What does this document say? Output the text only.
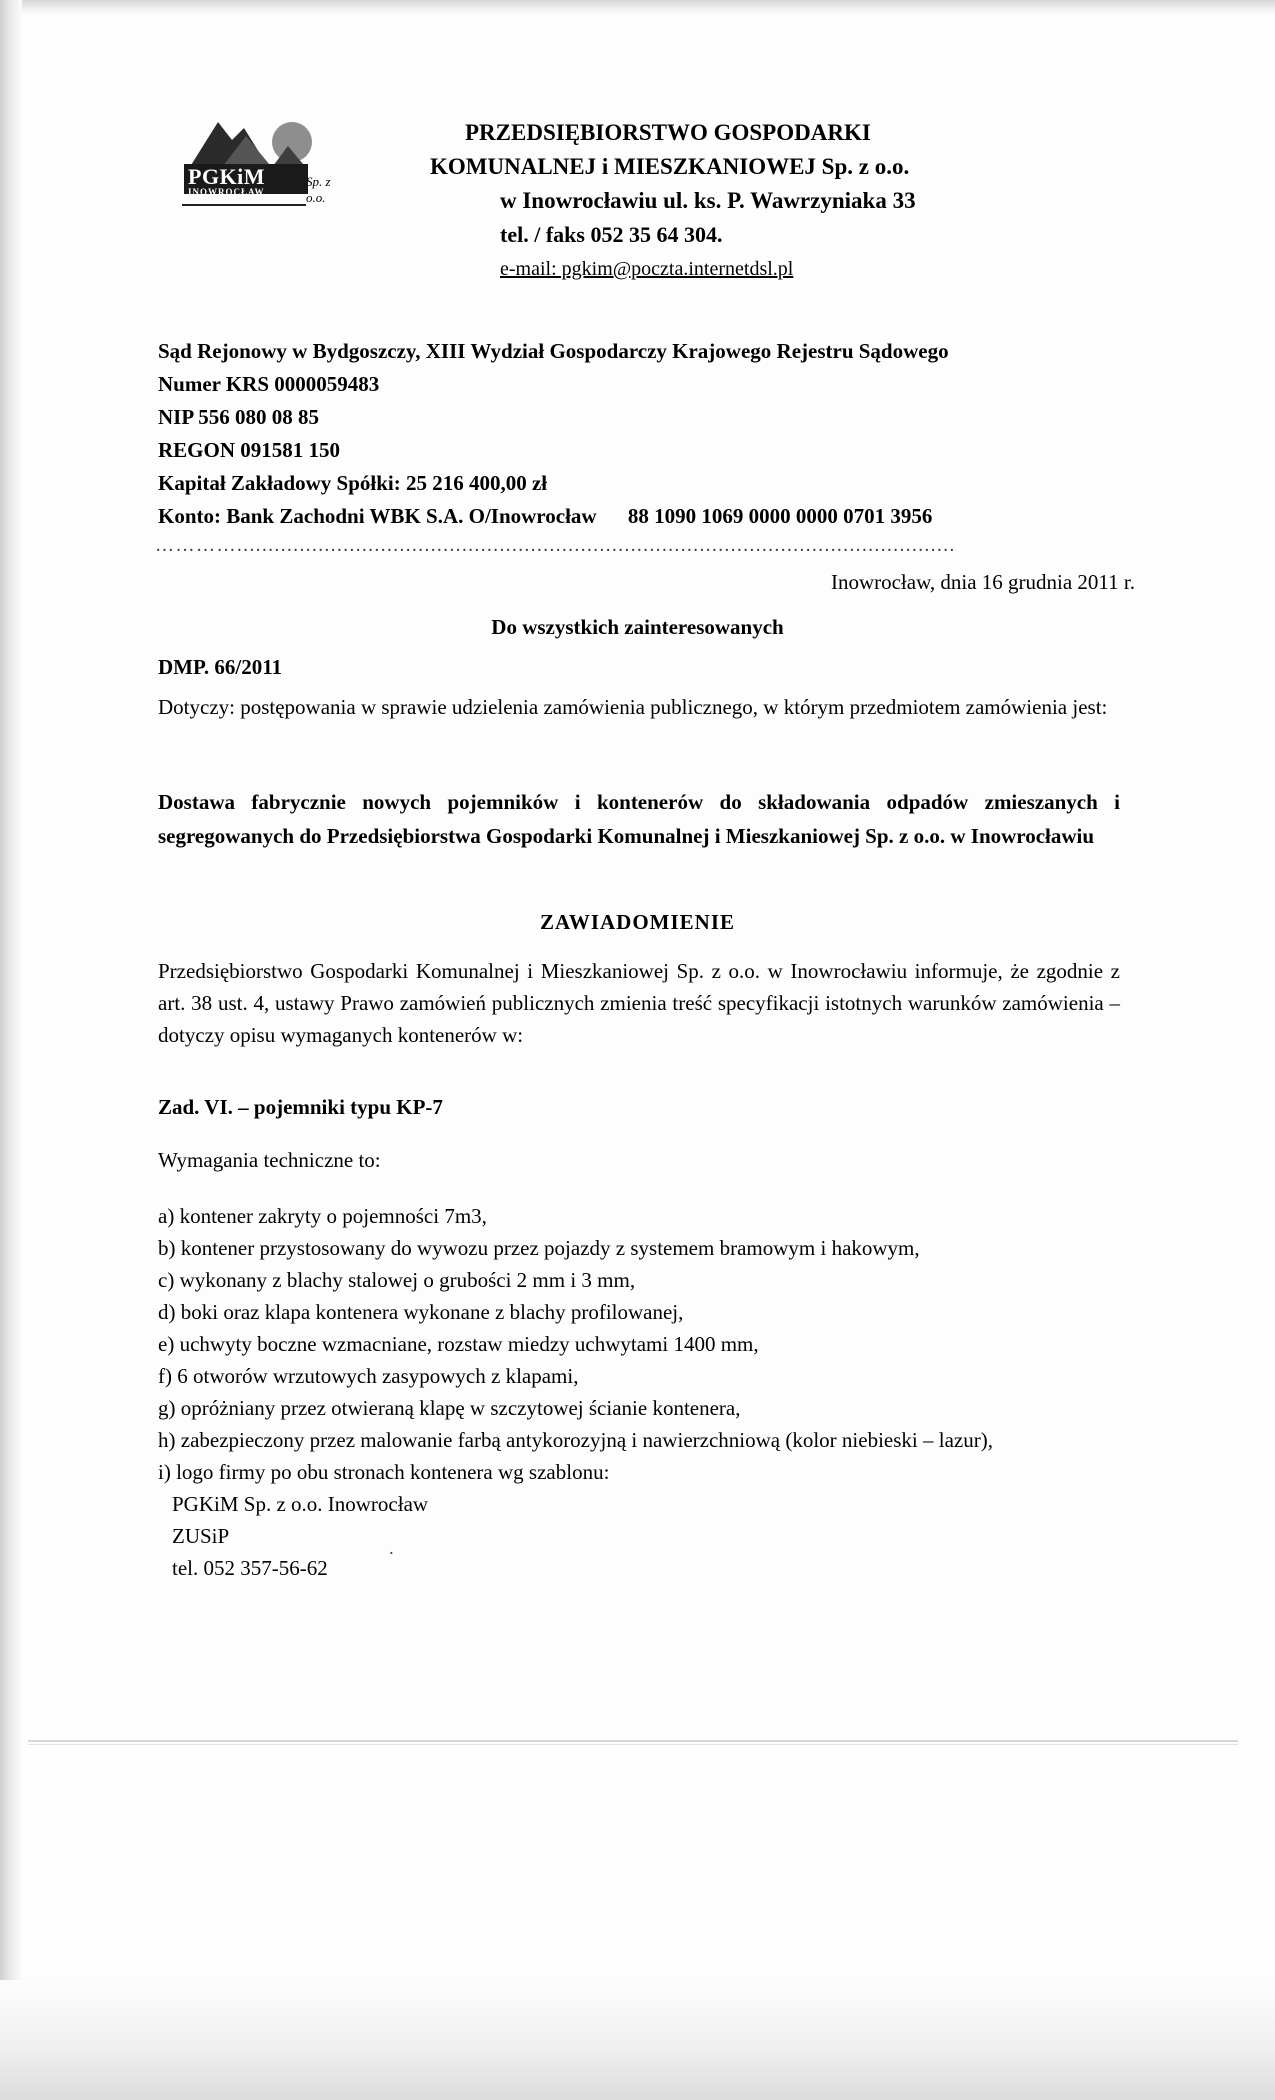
PGKiM
INOWROCŁAW
Sp. z o.o.
PRZEDSIĘBIORSTWO GOSPODARKI
KOMUNALNEJ i MIESZKANIOWEJ Sp. z o.o.
w Inowrocławiu ul. ks. P. Wawrzyniaka 33
tel. / faks 052 35 64 304.
e-mail: pgkim@poczta.internetdsl.pl
Sąd Rejonowy w Bydgoszczy, XIII Wydział Gospodarczy Krajowego Rejestru Sądowego
Numer KRS 0000059483
NIP 556 080 08 85
REGON 091581 150
Kapitał Zakładowy Spółki: 25 216 400,00 zł
Konto: Bank Zachodni WBK S.A. O/Inowrocław 88 1090 1069 0000 0000 0701 3956
…………...................................................................................................................
Inowrocław, dnia 16 grudnia 2011 r.
Do wszystkich zainteresowanych
DMP. 66/2011
Dotyczy: postępowania w sprawie udzielenia zamówienia publicznego, w którym przedmiotem zamówienia jest:
Dostawa fabrycznie nowych pojemników i kontenerów do składowania odpadów zmieszanych i segregowanych do Przedsiębiorstwa Gospodarki Komunalnej i Mieszkaniowej Sp. z o.o. w Inowrocławiu
ZAWIADOMIENIE
Przedsiębiorstwo Gospodarki Komunalnej i Mieszkaniowej Sp. z o.o. w Inowrocławiu informuje, że zgodnie z art. 38 ust. 4, ustawy Prawo zamówień publicznych zmienia treść specyfikacji istotnych warunków zamówienia – dotyczy opisu wymaganych kontenerów w:
Zad. VI. – pojemniki typu KP-7
Wymagania techniczne to:
a) kontener zakryty o pojemności 7m3,
b) kontener przystosowany do wywozu przez pojazdy z systemem bramowym i hakowym,
c) wykonany z blachy stalowej o grubości 2 mm i 3 mm,
d) boki oraz klapa kontenera wykonane z blachy profilowanej,
e) uchwyty boczne wzmacniane, rozstaw miedzy uchwytami 1400 mm,
f) 6 otworów wrzutowych zasypowych z klapami,
g) opróżniany przez otwieraną klapę w szczytowej ścianie kontenera,
h) zabezpieczony przez malowanie farbą antykorozyjną i nawierzchniową (kolor niebieski – lazur),
i) logo firmy po obu stronach kontenera wg szablonu:
PGKiM Sp. z o.o. Inowrocław
ZUSiP
tel. 052 357-56-62	˙
